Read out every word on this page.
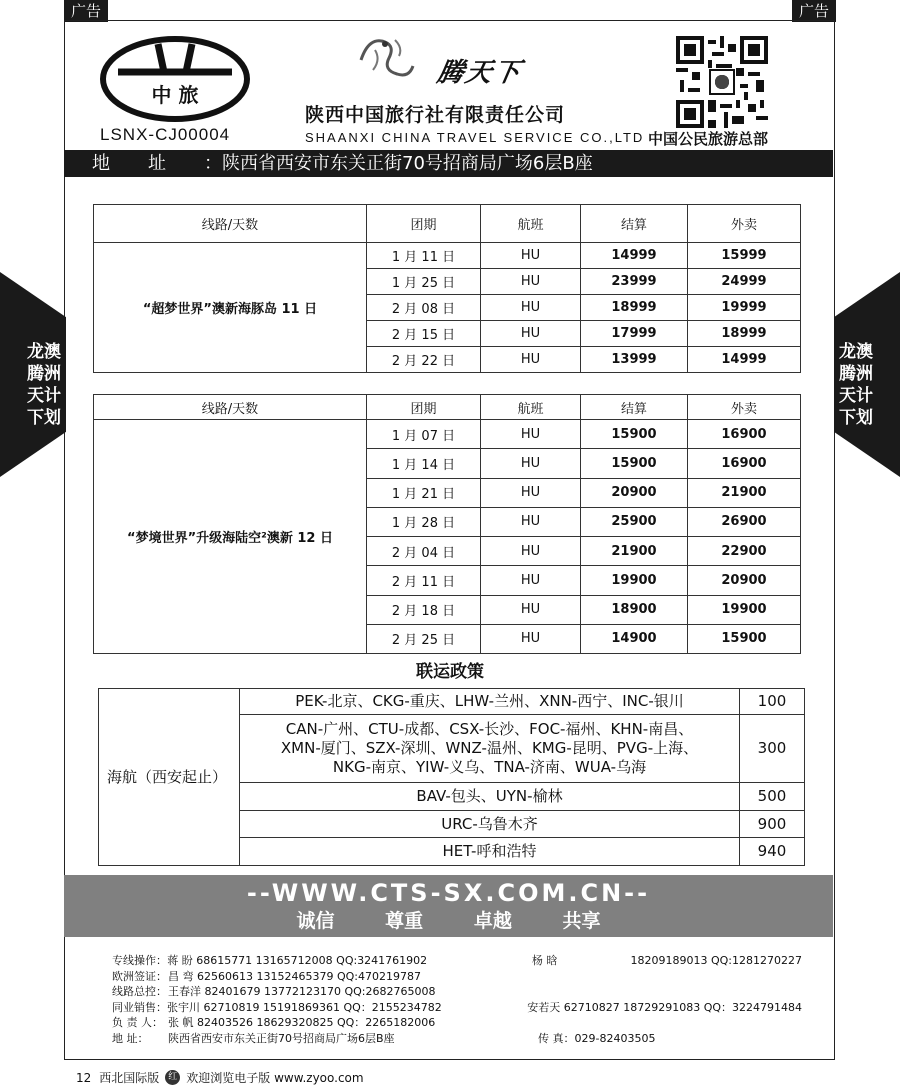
广告	广告
中 旅
LSNX-CJ00004
腾天下
陕西中国旅行社有限责任公司
SHAANXI CHINA TRAVEL SERVICE CO.,LTD 中国公民旅游总部
地址：陕西省西安市东关正街70号招商局广场6层B座
龙澳
腾洲
天计
下划
龙澳
腾洲
天计
下划
线路/天数	团期	航班	结算	外卖
“超梦世界”澳新海豚岛 11 日	1 月 11 日	HU	14999	15999
	1 月 25 日	HU	23999	24999
	2 月 08 日	HU	18999	19999
	2 月 15 日	HU	17999	18999
	2 月 22 日	HU	13999	14999
线路/天数	团期	航班	结算	外卖
“梦境世界”升级海陆空²澳新 12 日	1 月 07 日	HU	15900	16900
	1 月 14 日	HU	15900	16900
	1 月 21 日	HU	20900	21900
	1 月 28 日	HU	25900	26900
	2 月 04 日	HU	21900	22900
	2 月 11 日	HU	19900	20900
	2 月 18 日	HU	18900	19900
	2 月 25 日	HU	14900	15900
联运政策
海航（西安起止）	PEK-北京、CKG-重庆、LHW-兰州、XNN-西宁、INC-银川	100

	CAN-广州、CTU-成都、CSX-长沙、FOC-福州、KHN-南昌、
XMN-厦门、SZX-深圳、WNZ-温州、KMG-昆明、PVG-上海、
NKG-南京、YIW-义乌、TNA-济南、WUA-乌海	300

	BAV-包头、UYN-榆林	500

	URC-乌鲁木齐	900

	HET-呼和浩特	940
--WWW.CTS-SX.COM.CN--
诚信	尊重	卓越	共享
专线操作： 蒋 盼 68615771 13165712008 QQ:3241761902	杨 晗	18209189013 QQ:1281270227
欧洲签证： 昌 弯 62560613 13152465379 QQ:470219787
线路总控： 王春洋 82401679 13772123170 QQ:2682765008
同业销售： 张宇川 62710819 15191869361 QQ：2155234782	安若天 62710827 18729291083 QQ：3224791484
负 责 人： 张 帆 82403526 18629320825 QQ：2265182006
地 址：	陕西省西安市东关正街70号招商局广场6层B座	传 真：029-82403505
12 西北国际版 红 欢迎浏览电子版 www.zyoo.com
